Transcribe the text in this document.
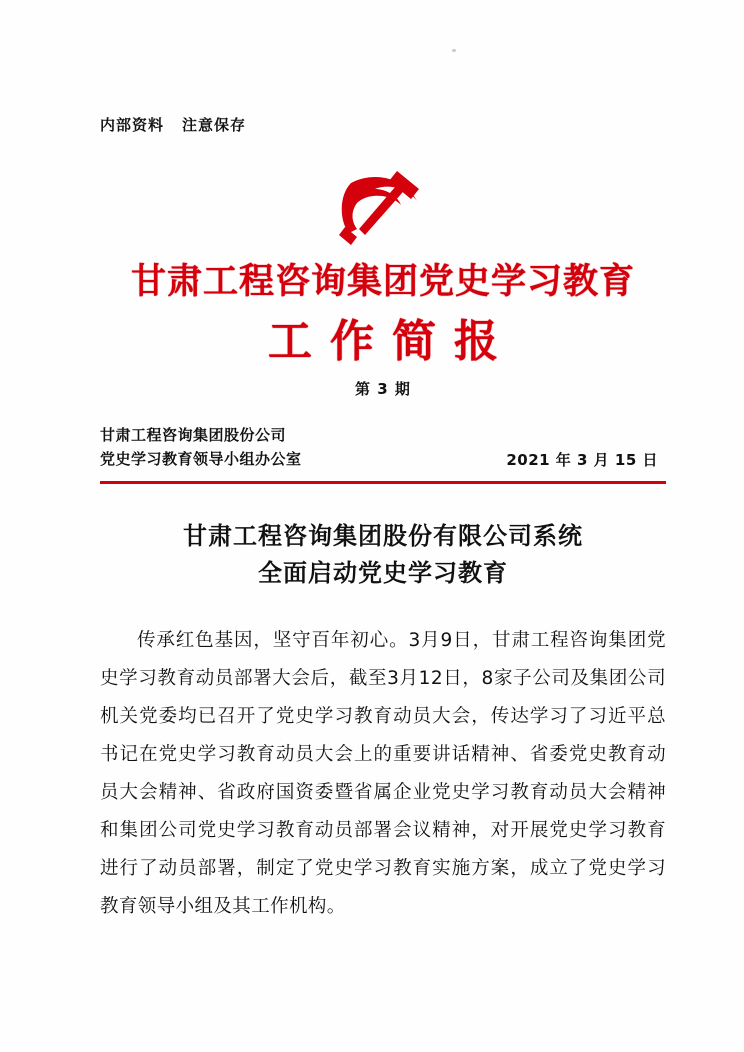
内部资料 注意保存
甘肃工程咨询集团党史学习教育
工作简报
第 3 期
甘肃工程咨询集团股份公司
党史学习教育领导小组办公室	2021 年 3 月 15 日
甘肃工程咨询集团股份有限公司系统
全面启动党史学习教育

传承红色基因，坚守百年初心。3月9日，甘肃工程咨询集团党史学习教育动员部署大会后，截至3月12日，8家子公司及集团公司机关党委均已召开了党史学习教育动员大会，传达学习了习近平总书记在党史学习教育动员大会上的重要讲话精神、省委党史教育动员大会精神、省政府国资委暨省属企业党史学习教育动员大会精神和集团公司党史学习教育动员部署会议精神，对开展党史学习教育进行了动员部署，制定了党史学习教育实施方案，成立了党史学习教育领导小组及其工作机构。
